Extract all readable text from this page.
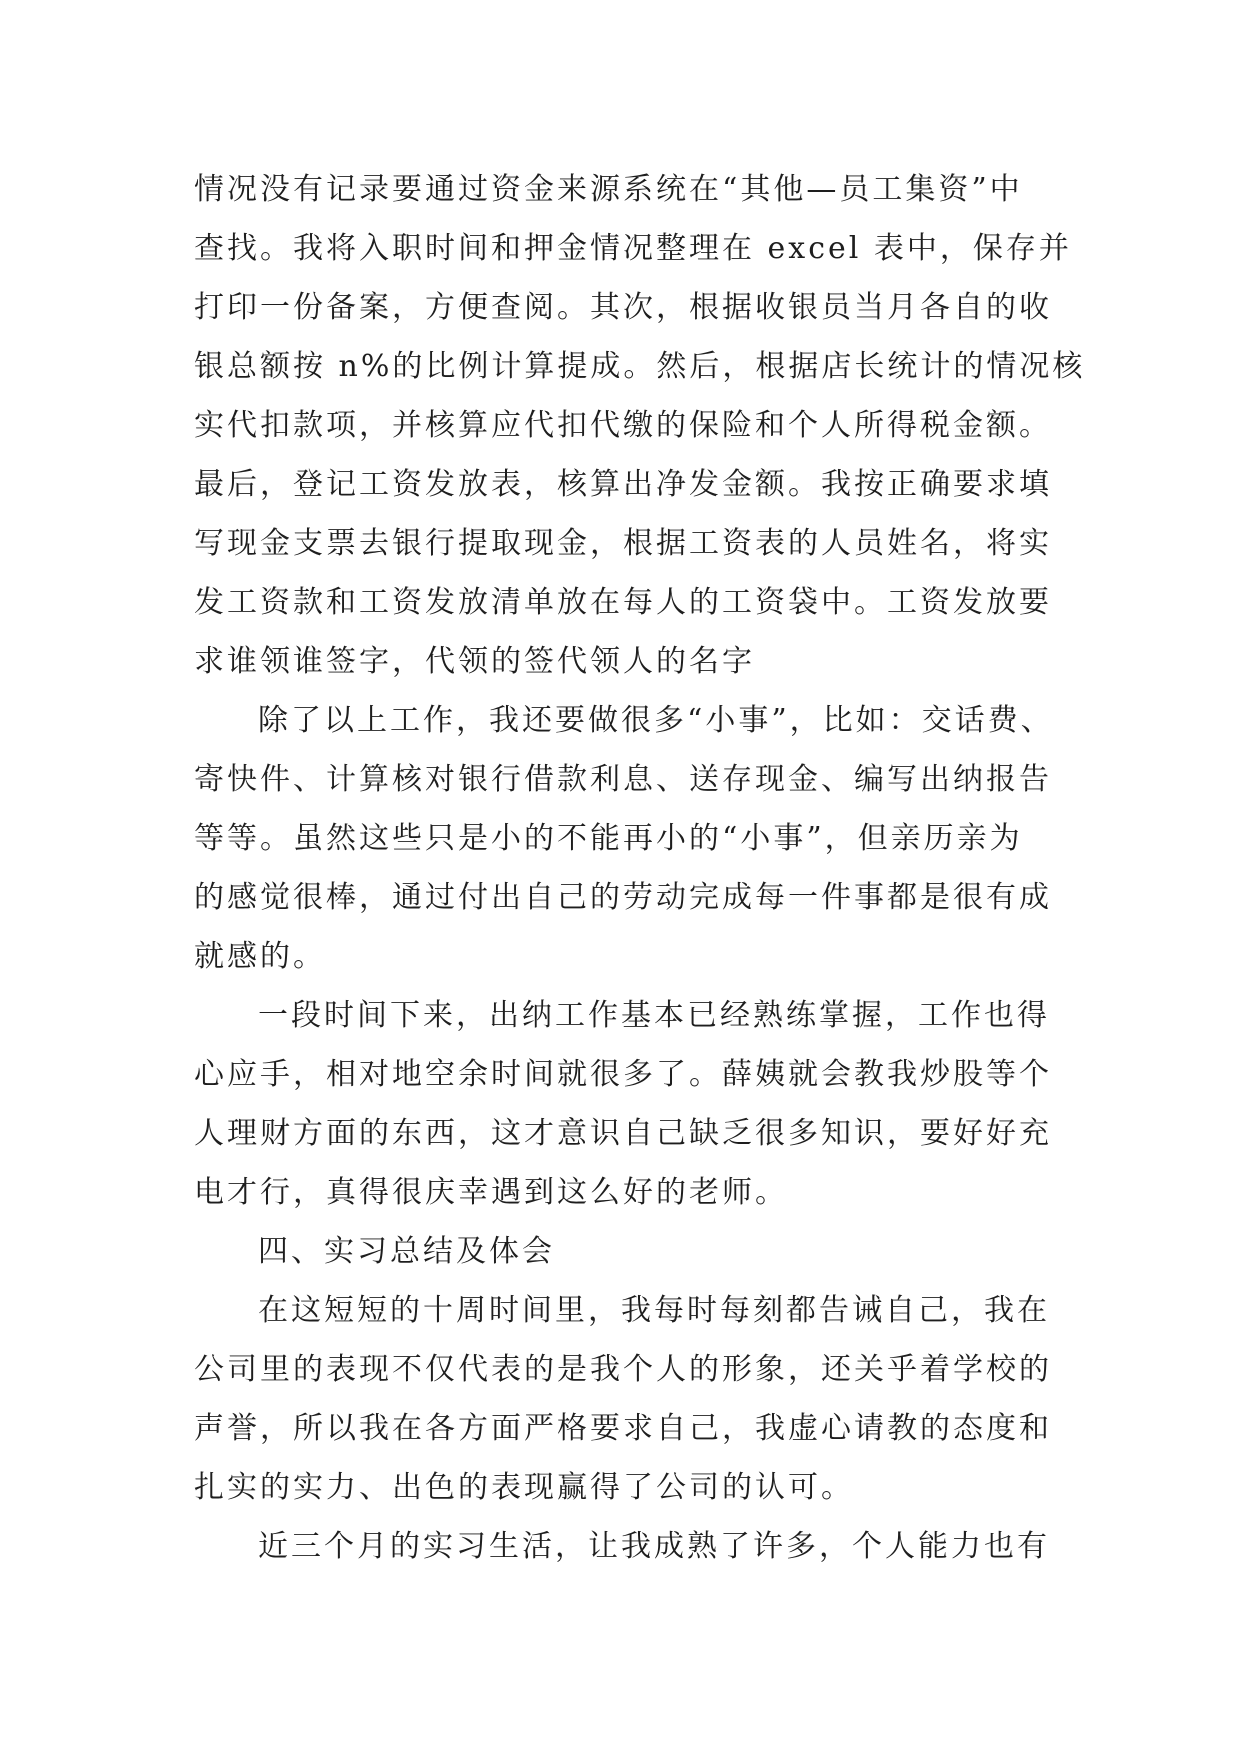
情况没有记录要通过资金来源系统在“其他—员工集资”中
查找。我将入职时间和押金情况整理在 excel 表中，保存并
打印一份备案，方便查阅。其次，根据收银员当月各自的收
银总额按 n%的比例计算提成。然后，根据店长统计的情况核
实代扣款项，并核算应代扣代缴的保险和个人所得税金额。
最后，登记工资发放表，核算出净发金额。我按正确要求填
写现金支票去银行提取现金，根据工资表的人员姓名，将实
发工资款和工资发放清单放在每人的工资袋中。工资发放要
求谁领谁签字，代领的签代领人的名字
除了以上工作，我还要做很多“小事”，比如：交话费、
寄快件、计算核对银行借款利息、送存现金、编写出纳报告
等等。虽然这些只是小的不能再小的“小事”，但亲历亲为
的感觉很棒，通过付出自己的劳动完成每一件事都是很有成
就感的。
一段时间下来，出纳工作基本已经熟练掌握，工作也得
心应手，相对地空余时间就很多了。薛姨就会教我炒股等个
人理财方面的东西，这才意识自己缺乏很多知识，要好好充
电才行，真得很庆幸遇到这么好的老师。
四、实习总结及体会
在这短短的十周时间里，我每时每刻都告诫自己，我在
公司里的表现不仅代表的是我个人的形象，还关乎着学校的
声誉，所以我在各方面严格要求自己，我虚心请教的态度和
扎实的实力、出色的表现赢得了公司的认可。
近三个月的实习生活，让我成熟了许多，个人能力也有
